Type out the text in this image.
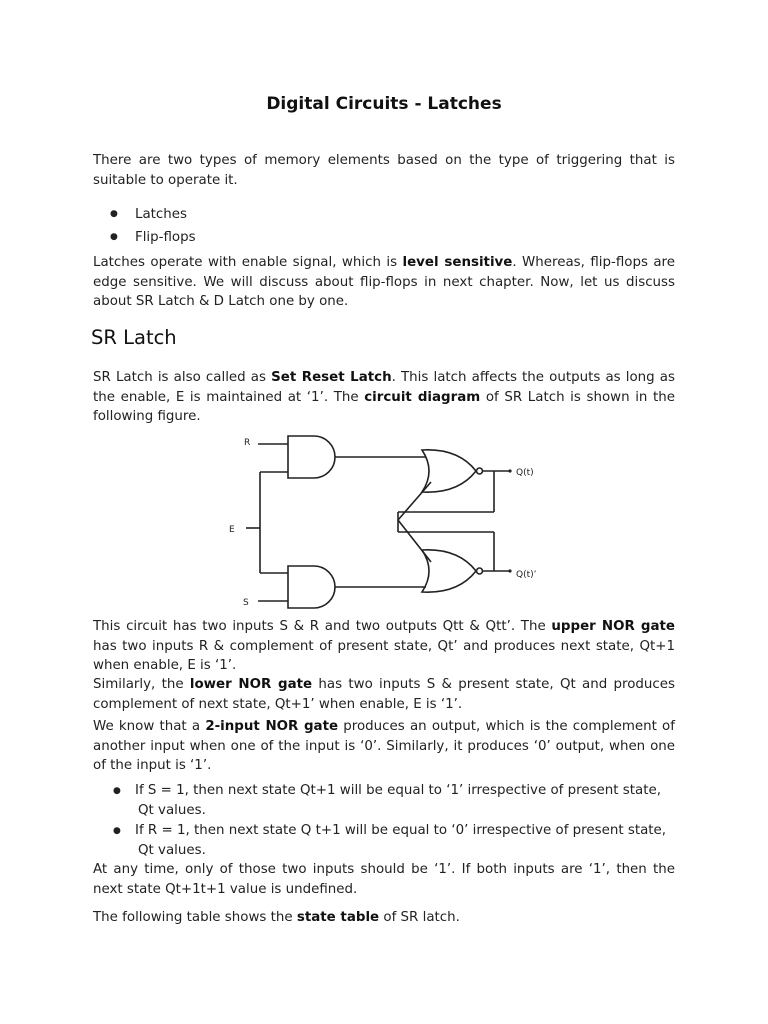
Digital Circuits - Latches
There are two types of memory elements based on the type of triggering that is suitable to operate it.
● Latches
● Flip-flops
Latches operate with enable signal, which is level sensitive. Whereas, flip-flops are edge sensitive. We will discuss about flip-flops in next chapter. Now, let us discuss about SR Latch & D Latch one by one.
SR Latch
SR Latch is also called as Set Reset Latch. This latch affects the outputs as long as the enable, E is maintained at ‘1’. The circuit diagram of SR Latch is shown in the following figure.
R
E
S
Q(t)
Q(t)’
This circuit has two inputs S & R and two outputs Qtt & Qtt’. The upper NOR gate has two inputs R & complement of present state, Qt’ and produces next state, Qt+1 when enable, E is ‘1’.
Similarly, the lower NOR gate has two inputs S & present state, Qt and produces complement of next state, Qt+1’ when enable, E is ‘1’.
We know that a 2-input NOR gate produces an output, which is the complement of another input when one of the input is ‘0’. Similarly, it produces ‘0’ output, when one of the input is ‘1’.
●	If S = 1, then next state Qt+1 will be equal to ‘1’ irrespective of present state,
Qt values.
●	If R = 1, then next state Q t+1 will be equal to ‘0’ irrespective of present state,
Qt values.
At any time, only of those two inputs should be ‘1’. If both inputs are ‘1’, then the next state Qt+1t+1 value is undefined.
The following table shows the state table of SR latch.
